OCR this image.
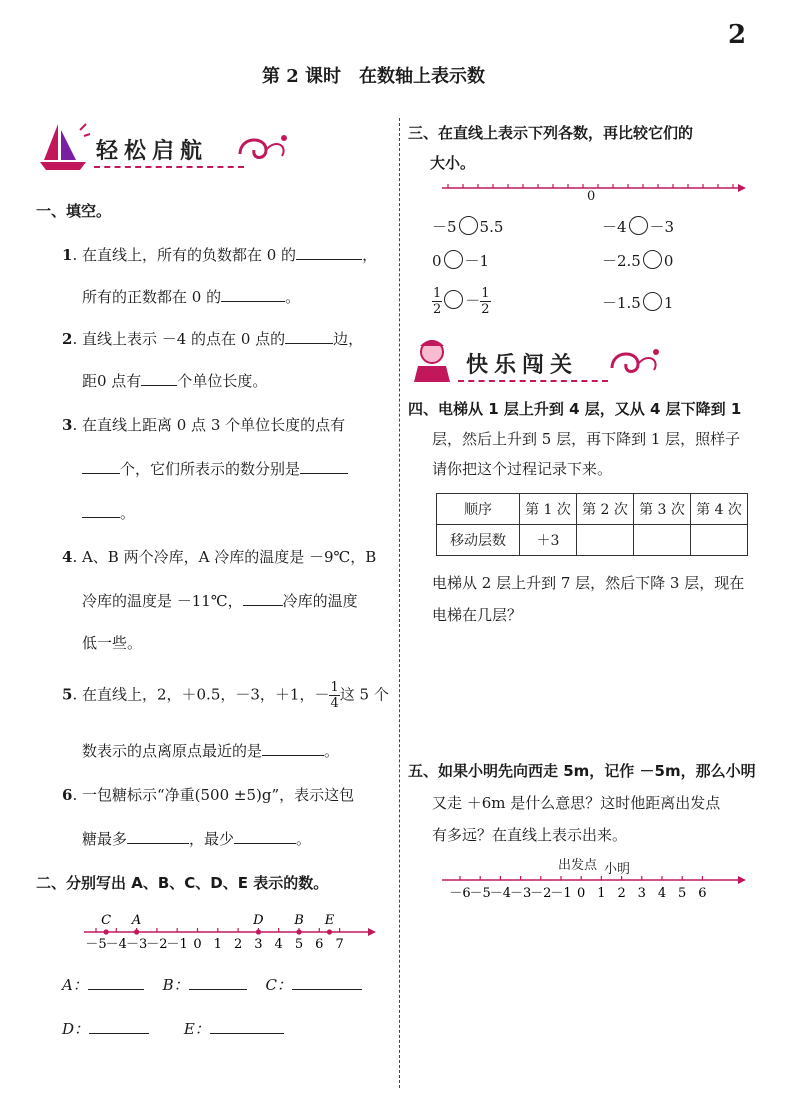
2
第 2 课时　在数轴上表示数
轻松启航
一、填空。
1. 在直线上，所有的负数都在 0 的	，
所有的正数都在 0 的	。
2. 直线上表示 －4 的点在 0 点的	边，
距0 点有 个单位长度。
3. 在直线上距离 0 点 3 个单位长度的点有
个，它们所表示的数分别是
。
4. A、B 两个冷库，A 冷库的温度是 －9℃，B
冷库的温度是 －11℃，	冷库的温度
低一些。
5. 在直线上，2，＋0.5，－3，＋1，－ $\frac{1}{4}$ 这 5 个
数表示的点离原点最近的是	。
6. 一包糖标示“净重(500 ±5)g”，表示这包
糖最多	，最少	。
二、分别写出 A、B、C、D、E 表示的数。
－5 －4 －3 －2 －1 0 1 2 3 4 5 6 7
C A	D B E
A：	B：	C：
D：	E：
三、在直线上表示下列各数，再比较它们的
大小。
0
－5 5.5	－4 －3
0 －1	－2.5 0
$\frac{1}{2} - \frac{1}{2}$	－1.5 1
快乐闯关
四、电梯从 1 层上升到 4 层，又从 4 层下降到 1
层，然后上升到 5 层，再下降到 1 层，照样子
请你把这个过程记录下来。
顺序	第 1 次	第 2 次	第 3 次	第 4 次
移动层数	＋3			
电梯从 2 层上升到 7 层，然后下降 3 层，现在
电梯在几层？
五、如果小明先向西走 5m，记作 －5m，那么小明
又走 ＋6m 是什么意思？这时他距离出发点
有多远？在直线上表示出来。
出发点 小明
－6
－5
－4
－3
－2
－1 0 1 2 3 4 5 6
